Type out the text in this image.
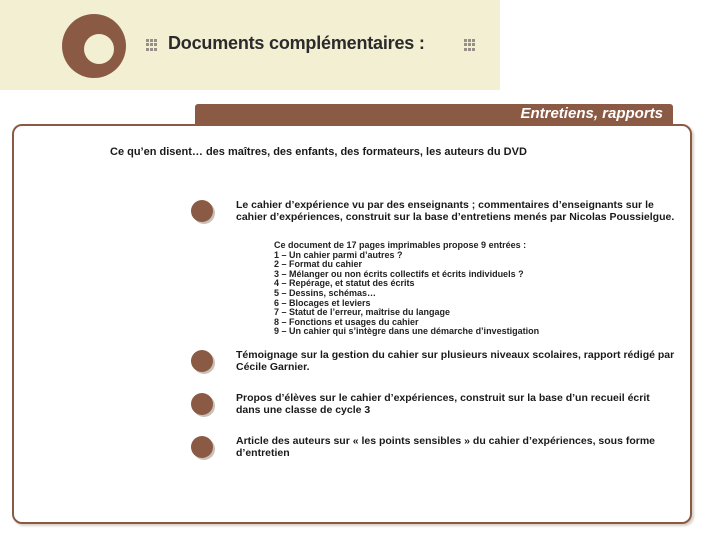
Documents complémentaires :
Entretiens, rapports
Ce qu’en disent… des maîtres, des enfants, des formateurs, les auteurs du DVD
Le cahier d’expérience vu par des enseignants ; commentaires d’enseignants sur le cahier d’expériences, construit sur la base d’entretiens menés par Nicolas Poussielgue.
Ce document de 17 pages imprimables propose 9 entrées :
1 – Un cahier parmi d’autres ?
2 – Format du cahier
3 – Mélanger ou non écrits collectifs et écrits individuels ?
4 – Repérage, et statut des écrits
5 – Dessins, schémas…
6 – Blocages et leviers
7 – Statut de l’erreur, maîtrise du langage
8 – Fonctions et usages du cahier
9 – Un cahier qui s’intègre dans une démarche d’investigation
Témoignage sur la gestion du cahier sur plusieurs niveaux scolaires, rapport rédigé par Cécile Garnier.
Propos d’élèves sur le cahier d’expériences, construit sur la base d’un recueil écrit dans une classe de cycle 3
Article des auteurs sur « les points sensibles » du cahier d’expériences, sous forme d’entretien
